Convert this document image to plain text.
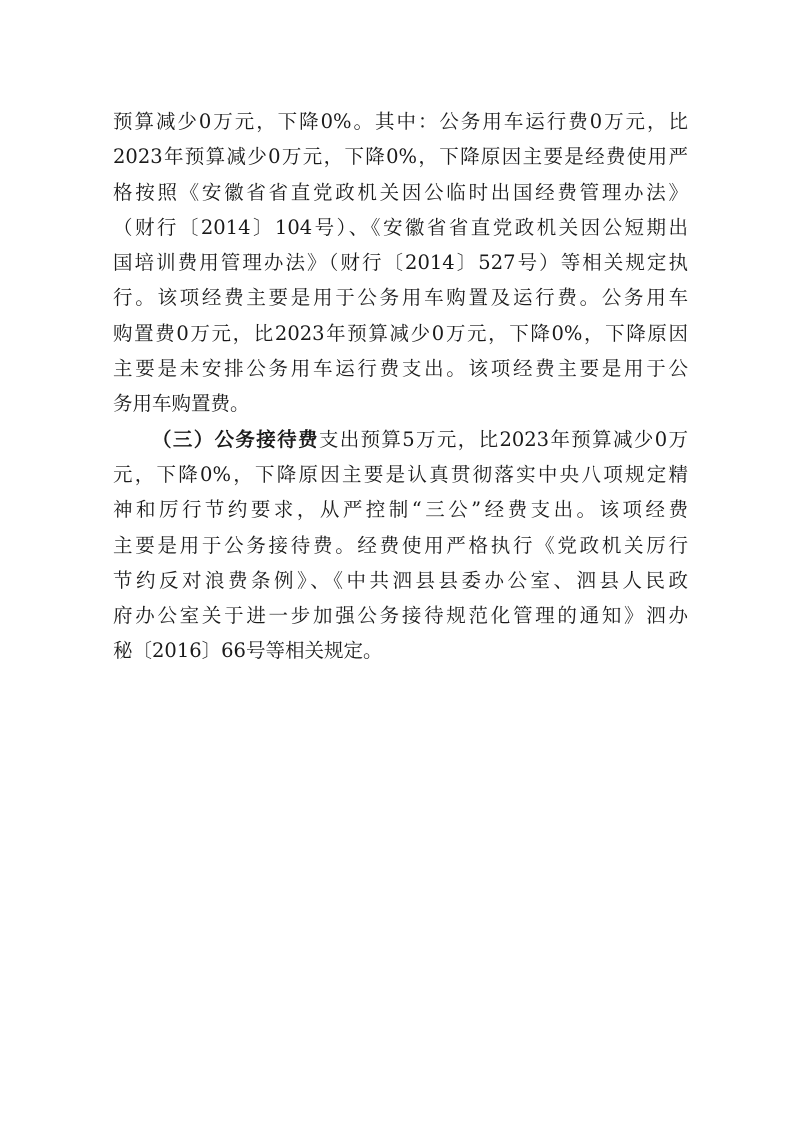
预算减少0万元，下降0%。其中：公务用车运行费0万元，比
2023年预算减少0万元，下降0%，下降原因主要是经费使用严
格按照《安徽省省直党政机关因公临时出国经费管理办法》
（财行〔2014〕104号）、《安徽省省直党政机关因公短期出
国培训费用管理办法》（财行〔2014〕527号）等相关规定执
行。该项经费主要是用于公务用车购置及运行费。公务用车
购置费0万元，比2023年预算减少0万元，下降0%，下降原因
主要是未安排公务用车运行费支出。该项经费主要是用于公
务用车购置费。
（三）公务接待费支出预算5万元，比2023年预算减少0万
元，下降0%，下降原因主要是认真贯彻落实中央八项规定精
神和厉行节约要求，从严控制“三公”经费支出。该项经费
主要是用于公务接待费。经费使用严格执行《党政机关厉行
节约反对浪费条例》、《中共泗县县委办公室、泗县人民政
府办公室关于进一步加强公务接待规范化管理的通知》泗办
秘〔2016〕66号等相关规定。
